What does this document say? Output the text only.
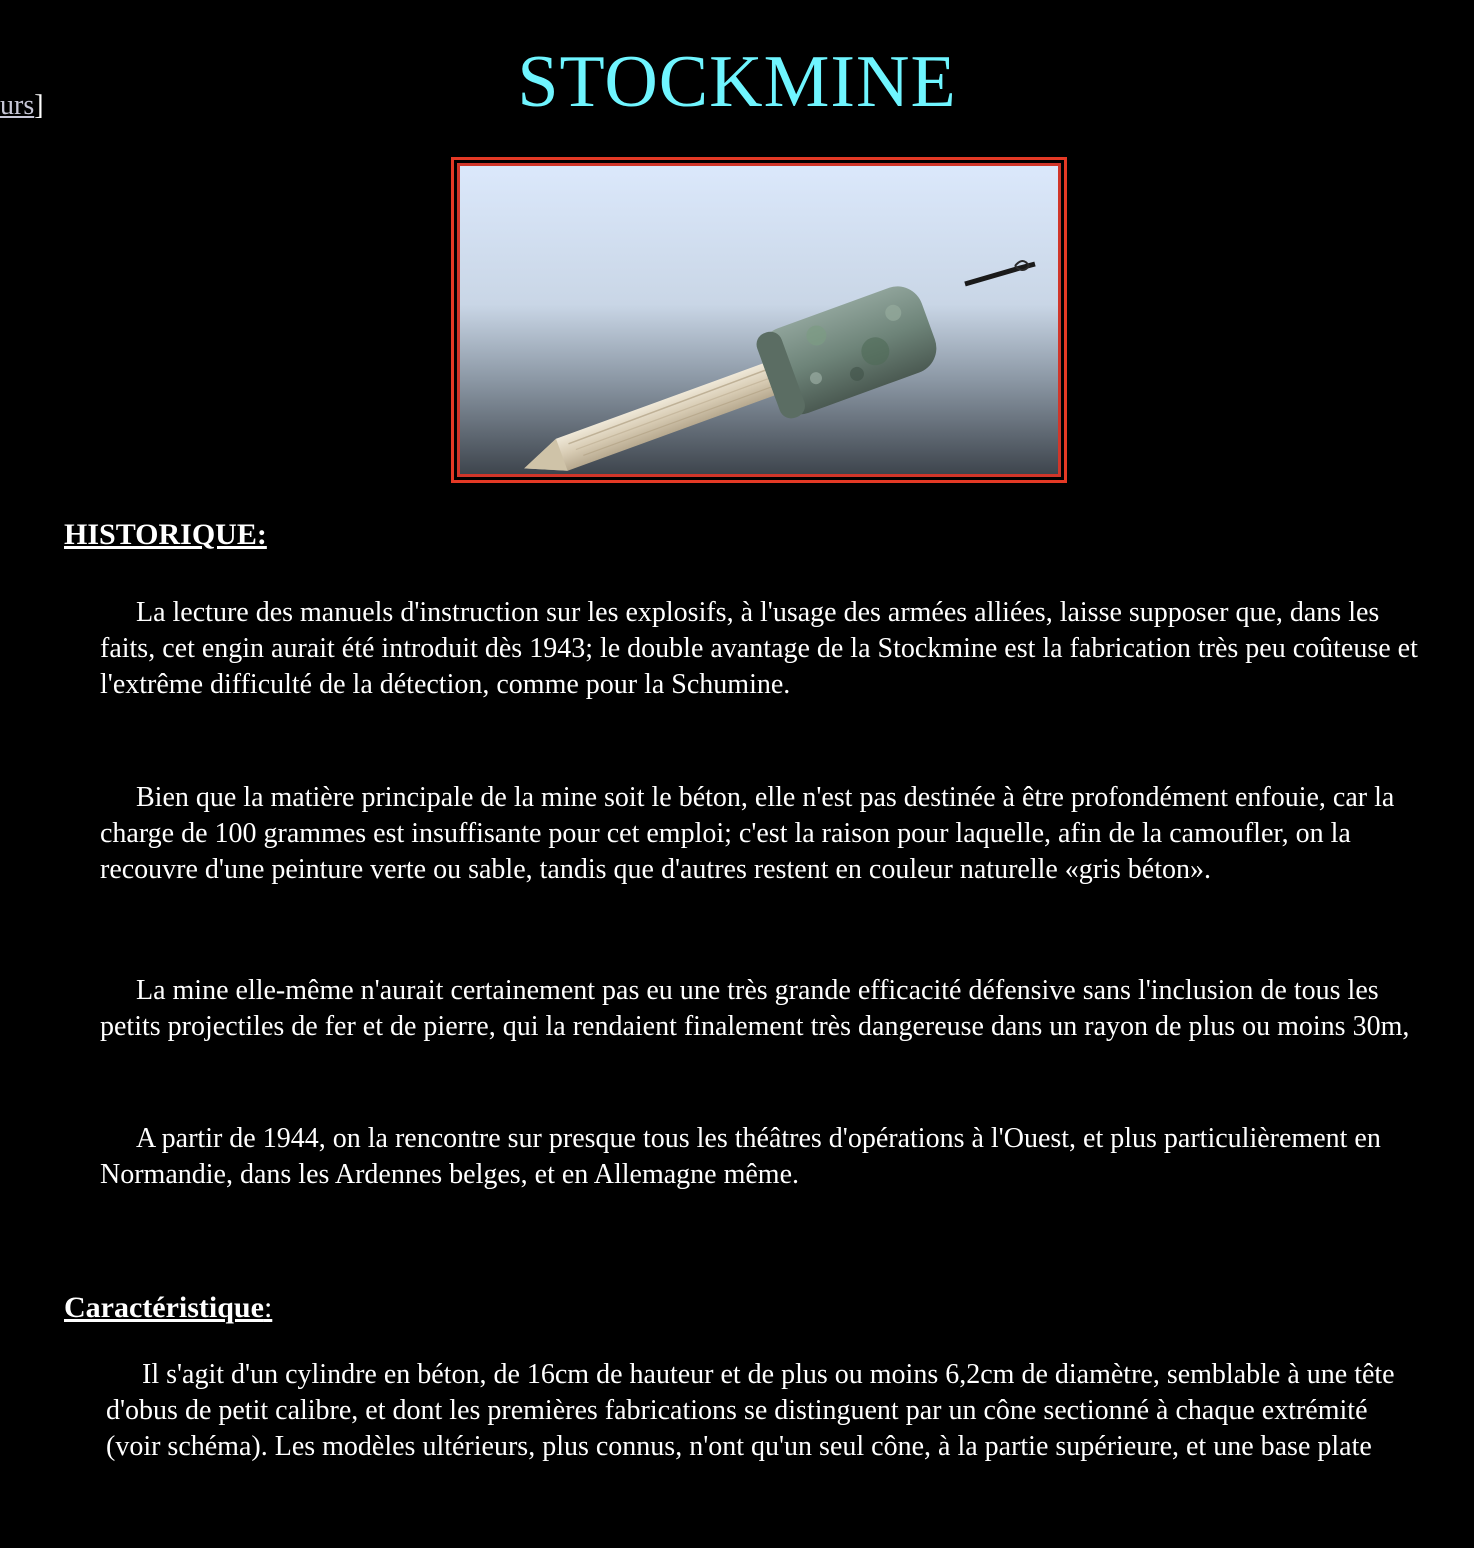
urs]	STOCKMINE
HISTORIQUE:

La lecture des manuels d'instruction sur les explosifs, à l'usage des armées alliées, laisse supposer que, dans les faits, cet engin aurait été introduit dès 1943; le double avantage de la Stockmine est la fabrication très peu coûteuse et l'extrême difficulté de la détection, comme pour la Schumine.

Bien que la matière principale de la mine soit le béton, elle n'est pas destinée à être profondément enfouie, car la charge de 100 grammes est insuffisante pour cet emploi; c'est la raison pour laquelle, afin de la camoufler, on la recouvre d'une peinture verte ou sable, tandis que d'autres restent en couleur naturelle «gris béton».

La mine elle-même n'aurait certainement pas eu une très grande efficacité défensive sans l'inclusion de tous les petits projectiles de fer et de pierre, qui la rendaient finalement très dangereuse dans un rayon de plus ou moins 30m,

A partir de 1944, on la rencontre sur presque tous les théâtres d'opérations à l'Ouest, et plus particulièrement en Normandie, dans les Ardennes belges, et en Allemagne même.

Caractéristique:

Il s'agit d'un cylindre en béton, de 16cm de hauteur et de plus ou moins 6,2cm de diamètre, semblable à une tête d'obus de petit calibre, et dont les premières fabrications se distinguent par un cône sectionné à chaque extrémité (voir schéma). Les modèles ultérieurs, plus connus, n'ont qu'un seul cône, à la partie supérieure, et une base plate
